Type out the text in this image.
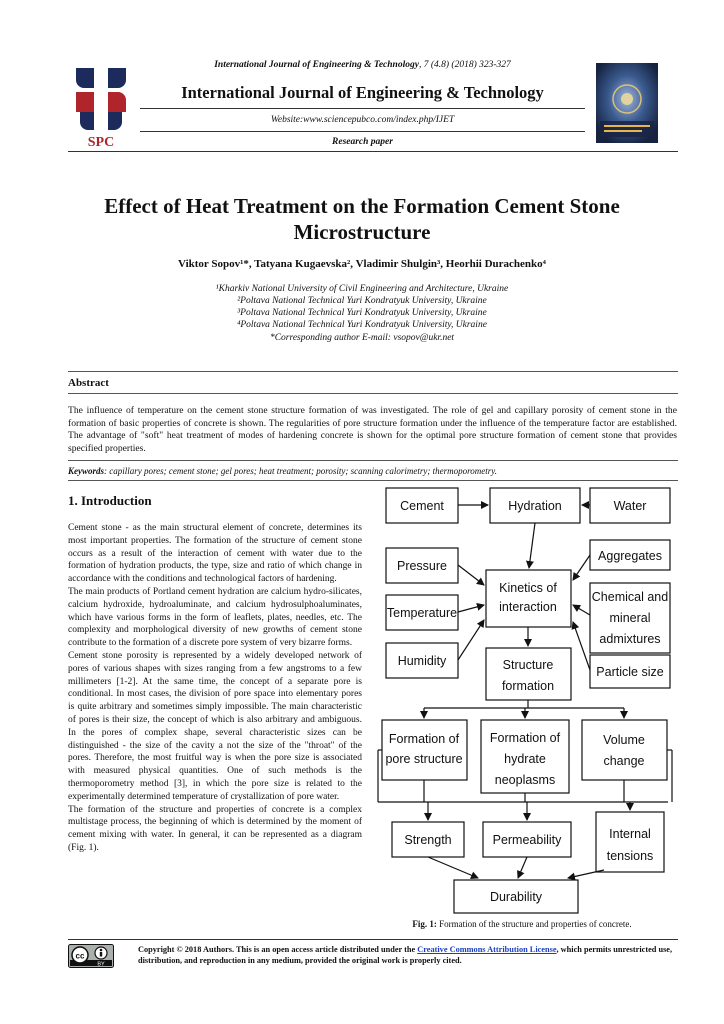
SPC
International Journal of Engineering & Technology, 7 (4.8) (2018) 323-327
International Journal of Engineering & Technology
Website:www.sciencepubco.com/index.php/IJET
Research paper
Effect of Heat Treatment on the Formation Cement Stone
Microstructure
Viktor Sopov¹*, Tatyana Kugaevska², Vladimir Shulgin³, Heorhii Durachenko⁴
¹Kharkiv National University of Civil Engineering and Architecture, Ukraine
²Poltava National Technical Yuri Kondratyuk University, Ukraine
³Poltava National Technical Yuri Kondratyuk University, Ukraine
⁴Poltava National Technical Yuri Kondratyuk University, Ukraine
*Corresponding author E-mail: vsopov@ukr.net
Abstract
The influence of temperature on the cement stone structure formation of was investigated. The role of gel and capillary porosity of cement stone in the formation of basic properties of concrete is shown. The regularities of pore structure formation under the influence of the temperature factor are established. The advantage of "soft" heat treatment of modes of hardening concrete is shown for the optimal pore structure formation of cement stone that provides specified properties.
Keywords: capillary pores; cement stone; gel pores; heat treatment; porosity; scanning calorimetry; thermoporometry.
1. Introduction

Cement stone - as the main structural element of concrete, determines its most important properties. The formation of the structure of cement stone occurs as a result of the interaction of cement with water due to the formation of hydration products, the type, size and ratio of which change in accordance with the conditions and technological factors of hardening.

The main products of Portland cement hydration are calcium hydro-silicates, calcium hydroxide, hydroaluminate, and calcium hydrosulphoaluminates, which have various forms in the form of leaflets, plates, needles, etc. The complexity and morphological diversity of new growths of cement stone contribute to the formation of a discrete pore system of very bizarre forms.

Cement stone porosity is represented by a widely developed network of pores of various shapes with sizes ranging from a few angstroms to a few millimeters [1-2]. At the same time, the concept of a separate pore is conditional. In most cases, the division of pore space into elementary pores is quite arbitrary and sometimes simply impossible. The main characteristic of pores is their size, the concept of which is also arbitrary and ambiguous. In the pores of complex shape, several characteristic sizes can be distinguished - the size of the cavity a not the size of the "throat" of the pores. Therefore, the most fruitful way is when the pore size is associated with measured physical quantities. One of such methods is the thermoporometry method [3], in which the pore size is related to the experimentally determined temperature of crystallization of pore water.

The formation of the structure and properties of concrete is a complex multistage process, the beginning of which is determined by the moment of cement mixing with water. In general, it can be represented as a diagram (Fig. 1).

Cement	Hydration	Water
Pressure
Kinetics of
interaction
Aggregates
Chemical and
mineral
admixtures
Temperature
Humidity	Structure
formation
Particle size
Formation of
pore structure
Formation of
hydrate
neoplasms
Volume
change
Strength	Permeability	Internal
tensions
Durability
Fig. 1: Formation of the structure and properties of concrete.
cc
BY
Copyright © 2018 Authors. This is an open access article distributed under the Creative Commons Attribution License, which permits unrestricted use, distribution, and reproduction in any medium, provided the original work is properly cited.
